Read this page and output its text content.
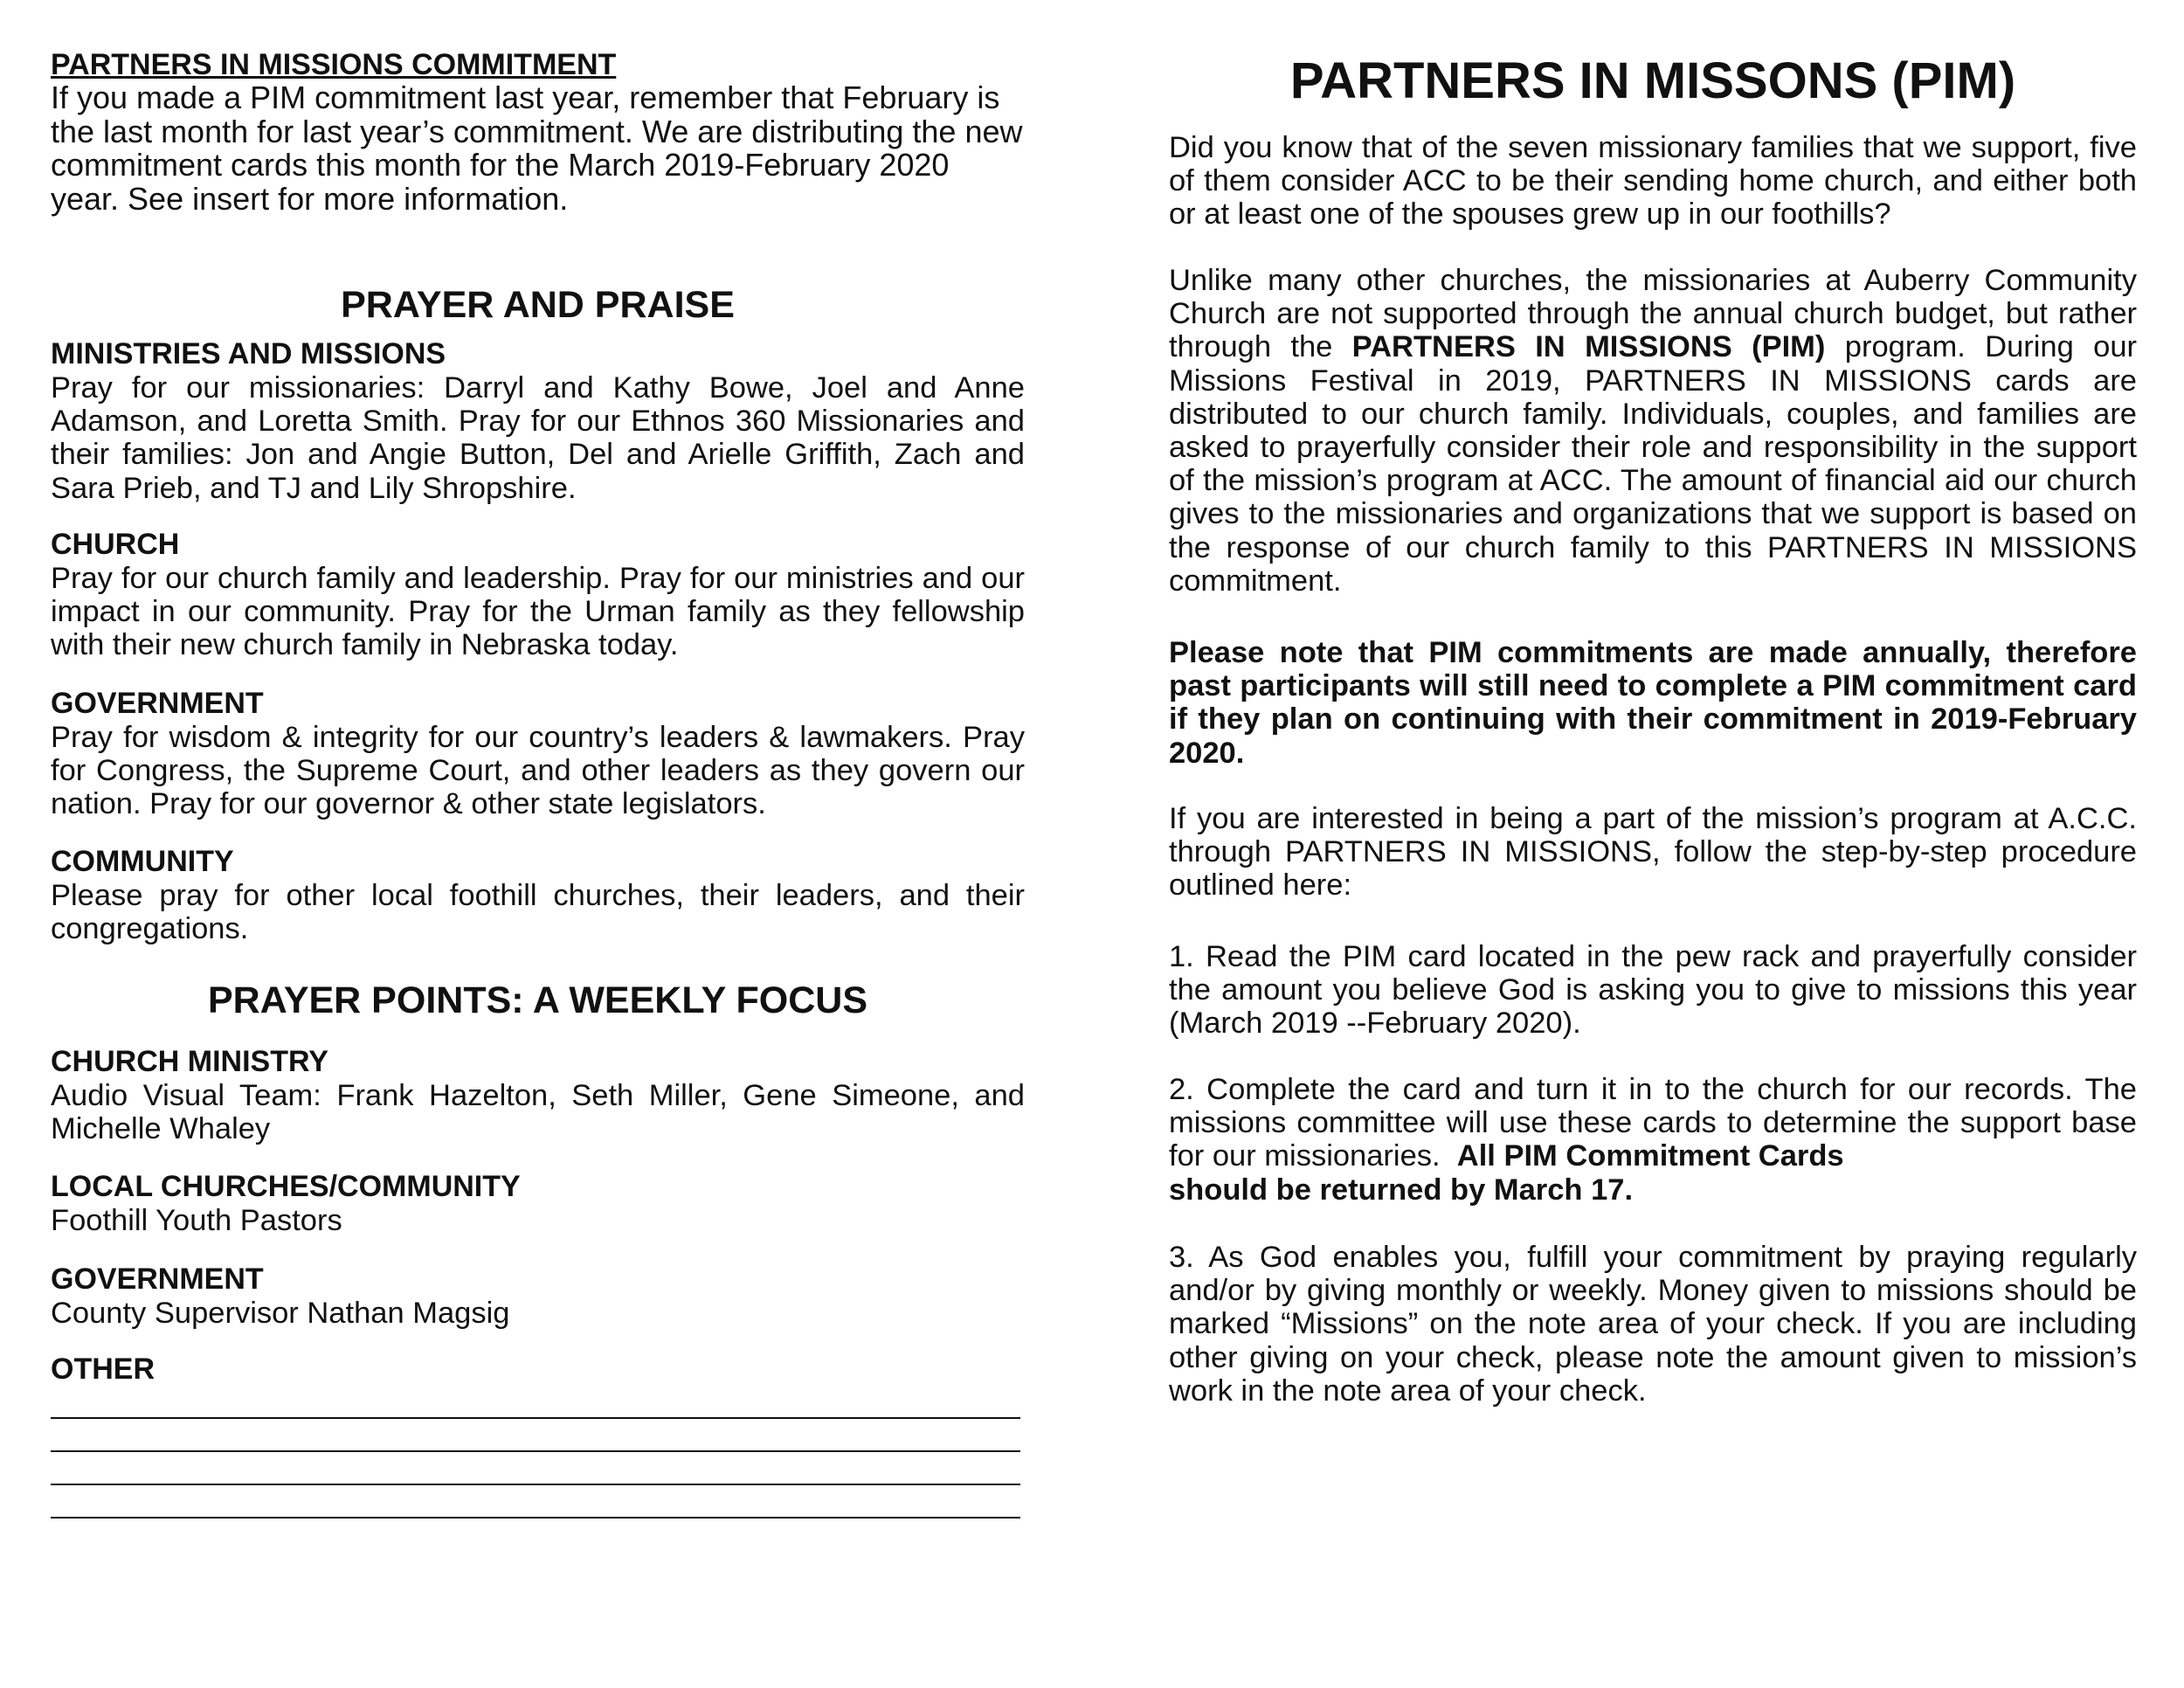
PARTNERS IN MISSIONS COMMITMENT

If you made a PIM commitment last year, remember that February is the last month for last year’s commitment. We are distributing the new commitment cards this month for the March 2019-February 2020 year. See insert for more information.

PRAYER AND PRAISE
MINISTRIES AND MISSIONS

Pray for our missionaries: Darryl and Kathy Bowe, Joel and Anne Adamson, and Loretta Smith. Pray for our Ethnos 360 Missionaries and their families: Jon and Angie Button, Del and Arielle Griffith, Zach and Sara Prieb, and TJ and Lily Shropshire.

CHURCH

Pray for our church family and leadership. Pray for our ministries and our impact in our community. Pray for the Urman family as they fellowship with their new church family in Nebraska today.

GOVERNMENT

Pray for wisdom & integrity for our country’s leaders & lawmakers. Pray for Congress, the Supreme Court, and other leaders as they govern our nation. Pray for our governor & other state legislators.

COMMUNITY

Please pray for other local foothill churches, their leaders, and their congregations.

PRAYER POINTS: A WEEKLY FOCUS
CHURCH MINISTRY

Audio Visual Team: Frank Hazelton, Seth Miller, Gene Simeone, and Michelle Whaley

LOCAL CHURCHES/COMMUNITY

Foothill Youth Pastors

GOVERNMENT

County Supervisor Nathan Magsig

OTHER
PARTNERS IN MISSONS (PIM)

Did you know that of the seven missionary families that we support, five of them consider ACC to be their sending home church, and either both or at least one of the spouses grew up in our foothills?

Unlike many other churches, the missionaries at Auberry Community Church are not supported through the annual church budget, but rather through the PARTNERS IN MISSIONS (PIM) program. During our Missions Festival in 2019, PARTNERS IN MISSIONS cards are distributed to our church family. Individuals, couples, and families are asked to prayerfully consider their role and responsibility in the support of the mission’s program at ACC. The amount of financial aid our church gives to the missionaries and organizations that we support is based on the response of our church family to this PARTNERS IN MISSIONS commitment.

Please note that PIM commitments are made annually, therefore past participants will still need to complete a PIM commitment card if they plan on continuing with their commitment in 2019-February 2020.

If you are interested in being a part of the mission’s program at A.C.C. through PARTNERS IN MISSIONS, follow the step-by-step procedure outlined here:

1. Read the PIM card located in the pew rack and prayerfully consider the amount you believe God is asking you to give to missions this year (March 2019 --February 2020).

2. Complete the card and turn it in to the church for our records. The missions committee will use these cards to determine the support base for our missionaries. All PIM Commitment Cards
should be returned by March 17.

3. As God enables you, fulfill your commitment by praying regularly and/or by giving monthly or weekly. Money given to missions should be marked “Missions” on the note area of your check. If you are including other giving on your check, please note the amount given to mission’s work in the note area of your check.
